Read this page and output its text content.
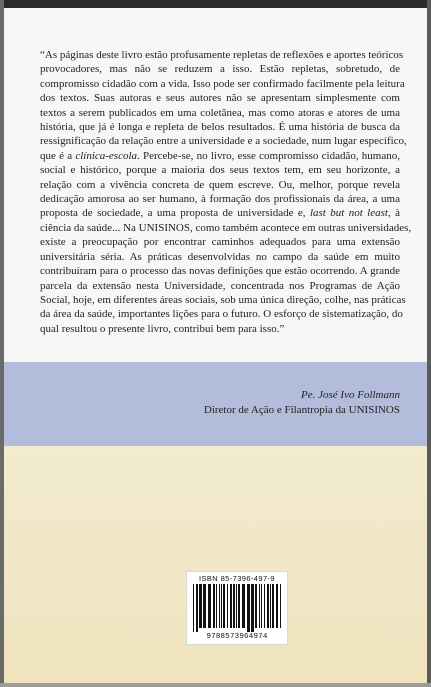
“As páginas deste livro estão profusamente repletas de reflexões e aportes teóricos
provocadores, mas não se reduzem a isso. Estão repletas, sobretudo, de
compromisso cidadão com a vida. Isso pode ser confirmado facilmente pela leitura
dos textos. Suas autoras e seus autores não se apresentam simplesmente com
textos a serem publicados em uma coletânea, mas como atoras e atores de uma
história, que já é longa e repleta de belos resultados. É uma história de busca da
ressignificação da relação entre a universidade e a sociedade, num lugar específico,
que é a clínica-escola. Percebe-se, no livro, esse compromisso cidadão, humano,
social e histórico, porque a maioria dos seus textos tem, em seu horizonte, a
relação com a vivência concreta de quem escreve. Ou, melhor, porque revela
dedicação amorosa ao ser humano, à formação dos profissionais da área, a uma
proposta de sociedade, a uma proposta de universidade e, last but not least, à
ciência da saúde... Na UNISINOS, como também acontece em outras universidades,
existe a preocupação por encontrar caminhos adequados para uma extensão
universitária séria. As práticas desenvolvidas no campo da saúde em muito
contribuíram para o processo das novas definições que estão ocorrendo. A grande
parcela da extensão nesta Universidade, concentrada nos Programas de Ação
Social, hoje, em diferentes áreas sociais, sob uma única direção, colhe, nas práticas
da área da saúde, importantes lições para o futuro. O esforço de sistematização, do
qual resultou o presente livro, contribui bem para isso.”

Pe. José Ivo Follmann
Diretor de Ação e Filantropia da UNISINOS
ISBN 85-7396-497-9
9788573964974
